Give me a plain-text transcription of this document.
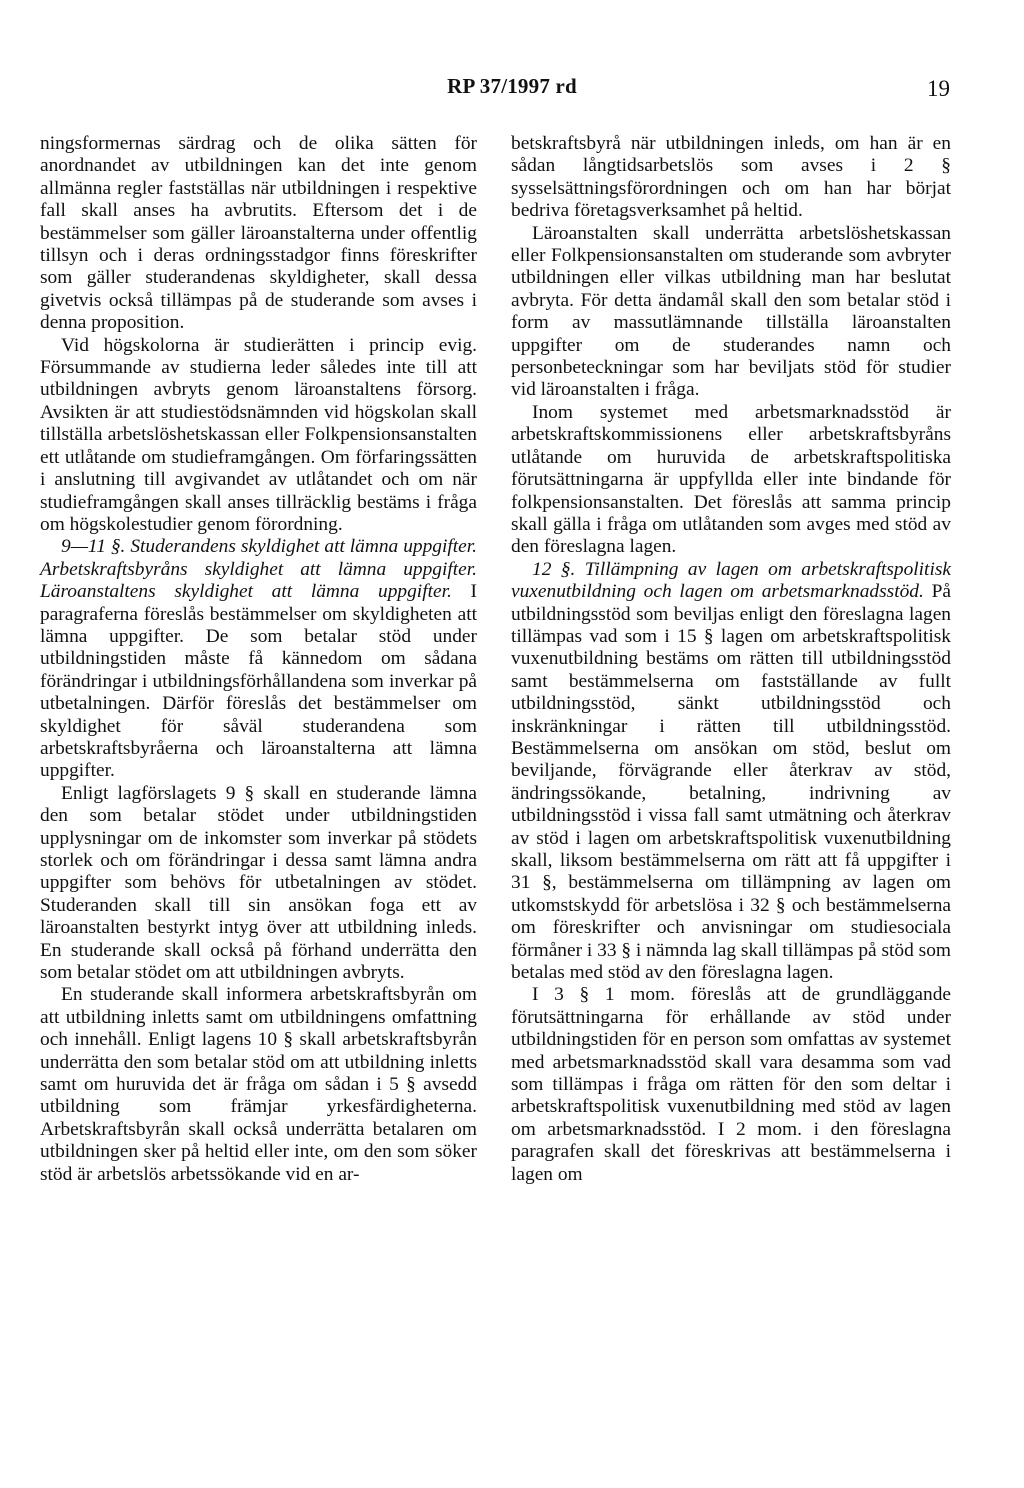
RP 37/1997 rd	19

ningsformernas särdrag och de olika sätten för anordnandet av utbildningen kan det inte genom allmänna regler fastställas när utbildningen i respektive fall skall anses ha avbrutits. Eftersom det i de bestämmelser som gäller läroanstalterna under offentlig tillsyn och i deras ordningsstadgor finns föreskrifter som gäller studerandenas skyldigheter, skall dessa givetvis också tillämpas på de studerande som avses i denna proposition.

Vid högskolorna är studierätten i princip evig. Försummande av studierna leder således inte till att utbildningen avbryts genom läroanstaltens försorg. Avsikten är att studiestödsnämnden vid högskolan skall tillställa arbetslöshetskassan eller Folkpensionsanstalten ett utlåtande om studieframgången. Om förfaringssätten i anslutning till avgivandet av utlåtandet och om när studieframgången skall anses tillräcklig bestäms i fråga om högskolestudier genom förordning.

9—11 §. Studerandens skyldighet att lämna uppgifter. Arbetskraftsbyråns skyldighet att lämna uppgifter. Läroanstaltens skyldighet att lämna uppgifter. I paragraferna föreslås bestämmelser om skyldigheten att lämna uppgifter. De som betalar stöd under utbildningstiden måste få kännedom om sådana förändringar i utbildningsförhållandena som inverkar på utbetalningen. Därför föreslås det bestämmelser om skyldighet för såväl studerandena som arbetskraftsbyråerna och läroanstalterna att lämna uppgifter.

Enligt lagförslagets 9 § skall en studerande lämna den som betalar stödet under utbildningstiden upplysningar om de inkomster som inverkar på stödets storlek och om förändringar i dessa samt lämna andra uppgifter som behövs för utbetalningen av stödet. Studeranden skall till sin ansökan foga ett av läroanstalten bestyrkt intyg över att utbildning inleds. En studerande skall också på förhand underrätta den som betalar stödet om att utbildningen avbryts.

En studerande skall informera arbetskraftsbyrån om att utbildning inletts samt om utbildningens omfattning och innehåll. Enligt lagens 10 § skall arbetskraftsbyrån underrätta den som betalar stöd om att utbildning inletts samt om huruvida det är fråga om sådan i 5 § avsedd utbildning som främjar yrkesfärdigheterna. Arbetskraftsbyrån skall också underrätta betalaren om utbildningen sker på heltid eller inte, om den som söker stöd är arbetslös arbetssökande vid en ar-

betskraftsbyrå när utbildningen inleds, om han är en sådan långtidsarbetslös som avses i 2 § sysselsättningsförordningen och om han har börjat bedriva företagsverksamhet på heltid.

Läroanstalten skall underrätta arbetslöshetskassan eller Folkpensionsanstalten om studerande som avbryter utbildningen eller vilkas utbildning man har beslutat avbryta. För detta ändamål skall den som betalar stöd i form av massutlämnande tillställa läroanstalten uppgifter om de studerandes namn och personbeteckningar som har beviljats stöd för studier vid läroanstalten i fråga.

Inom systemet med arbetsmarknadsstöd är arbetskraftskommissionens eller arbetskraftsbyråns utlåtande om huruvida de arbetskraftspolitiska förutsättningarna är uppfyllda eller inte bindande för folkpensionsanstalten. Det föreslås att samma princip skall gälla i fråga om utlåtanden som avges med stöd av den föreslagna lagen.

12 §. Tillämpning av lagen om arbetskraftspolitisk vuxenutbildning och lagen om arbetsmarknadsstöd. På utbildningsstöd som beviljas enligt den föreslagna lagen tillämpas vad som i 15 § lagen om arbetskraftspolitisk vuxenutbildning bestäms om rätten till utbildningsstöd samt bestämmelserna om fastställande av fullt utbildningsstöd, sänkt utbildningsstöd och inskränkningar i rätten till utbildningsstöd. Bestämmelserna om ansökan om stöd, beslut om beviljande, förvägrande eller återkrav av stöd, ändringssökande, betalning, indrivning av utbildningsstöd i vissa fall samt utmätning och återkrav av stöd i lagen om arbetskraftspolitisk vuxenutbildning skall, liksom bestämmelserna om rätt att få uppgifter i 31 §, bestämmelserna om tillämpning av lagen om utkomstskydd för arbetslösa i 32 § och bestämmelserna om föreskrifter och anvisningar om studiesociala förmåner i 33 § i nämnda lag skall tillämpas på stöd som betalas med stöd av den föreslagna lagen.

I 3 § 1 mom. föreslås att de grundläggande förutsättningarna för erhållande av stöd under utbildningstiden för en person som omfattas av systemet med arbetsmarknadsstöd skall vara desamma som vad som tillämpas i fråga om rätten för den som deltar i arbetskraftspolitisk vuxenutbildning med stöd av lagen om arbetsmarknadsstöd. I 2 mom. i den föreslagna paragrafen skall det föreskrivas att bestämmelserna i lagen om
